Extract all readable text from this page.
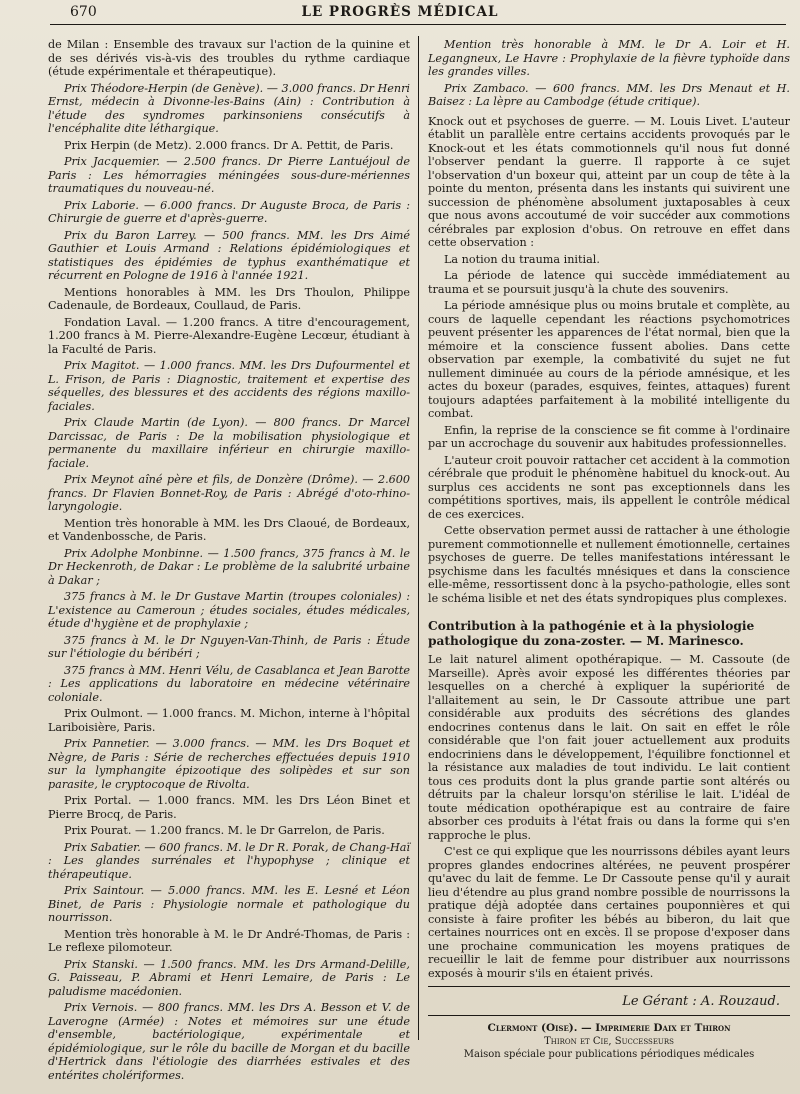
670	LE PROGRÈS MÉDICAL

de Milan : Ensemble des travaux sur l'action de la quinine et de ses dérivés vis-à-vis des troubles du rythme cardiaque (étude expérimentale et thérapeutique).

Prix Théodore-Herpin (de Genève). — 3.000 francs. Dr Henri Ernst, médecin à Divonne-les-Bains (Ain) : Contribution à l'étude des syndromes parkinsoniens consécutifs à l'encéphalite dite léthargique.

Prix Herpin (de Metz). 2.000 francs. Dr A. Pettit, de Paris.

Prix Jacquemier. — 2.500 francs. Dr Pierre Lantuéjoul de Paris : Les hémorragies méningées sous-dure-mériennes traumatiques du nouveau-né.

Prix Laborie. — 6.000 francs. Dr Auguste Broca, de Paris : Chirurgie de guerre et d'après-guerre.

Prix du Baron Larrey. — 500 francs. MM. les Drs Aimé Gauthier et Louis Armand : Relations épidémiologiques et statistiques des épidémies de typhus exanthématique et récurrent en Pologne de 1916 à l'année 1921.

Mentions honorables à MM. les Drs Thoulon, Philippe Cadenaule, de Bordeaux, Coullaud, de Paris.

Fondation Laval. — 1.200 francs. A titre d'encouragement, 1.200 francs à M. Pierre-Alexandre-Eugène Lecœur, étudiant à la Faculté de Paris.

Prix Magitot. — 1.000 francs. MM. les Drs Dufourmentel et L. Frison, de Paris : Diagnostic, traitement et expertise des séquelles, des blessures et des accidents des régions maxillo-faciales.

Prix Claude Martin (de Lyon). — 800 francs. Dr Marcel Darcissac, de Paris : De la mobilisation physiologique et permanente du maxillaire inférieur en chirurgie maxillo-faciale.

Prix Meynot aîné père et fils, de Donzère (Drôme). — 2.600 francs. Dr Flavien Bonnet-Roy, de Paris : Abrégé d'oto-rhino-laryngologie.

Mention très honorable à MM. les Drs Claoué, de Bordeaux, et Vandenbossche, de Paris.

Prix Adolphe Monbinne. — 1.500 francs, 375 francs à M. le Dr Heckenroth, de Dakar : Le problème de la salubrité urbaine à Dakar ;

375 francs à M. le Dr Gustave Martin (troupes coloniales) : L'existence au Cameroun ; études sociales, études médicales, étude d'hygiène et de prophylaxie ;

375 francs à M. le Dr Nguyen-Van-Thinh, de Paris : Étude sur l'étiologie du béribéri ;

375 francs à MM. Henri Vélu, de Casablanca et Jean Barotte : Les applications du laboratoire en médecine vétérinaire coloniale.

Prix Oulmont. — 1.000 francs. M. Michon, interne à l'hôpital Lariboisière, Paris.

Prix Pannetier. — 3.000 francs. — MM. les Drs Boquet et Nègre, de Paris : Série de recherches effectuées depuis 1910 sur la lymphangite épizootique des solipèdes et sur son parasite, le cryptocoque de Rivolta.

Prix Portal. — 1.000 francs. MM. les Drs Léon Binet et Pierre Brocq, de Paris.

Prix Pourat. — 1.200 francs. M. le Dr Garrelon, de Paris.

Prix Sabatier. — 600 francs. M. le Dr R. Porak, de Chang-Haï : Les glandes surrénales et l'hypophyse ; clinique et thérapeutique.

Prix Saintour. — 5.000 francs. MM. les E. Lesné et Léon Binet, de Paris : Physiologie normale et pathologique du nourrisson.

Mention très honorable à M. le Dr André-Thomas, de Paris : Le reflexe pilomoteur.

Prix Stanski. — 1.500 francs. MM. les Drs Armand-Delille, G. Paisseau, P. Abrami et Henri Lemaire, de Paris : Le paludisme macédonien.

Prix Vernois. — 800 francs. MM. les Drs A. Besson et V. de Laverogne (Armée) : Notes et mémoires sur une étude d'ensemble, bactériologique, expérimentale et épidémiologique, sur le rôle du bacille de Morgan et du bacille d'Hertrick dans l'étiologie des diarrhées estivales et des entérites cholériformes.

Mention très honorable à MM. le Dr A. Loir et H. Legangneux, Le Havre : Prophylaxie de la fièvre typhoïde dans les grandes villes.

Prix Zambaco. — 600 francs. MM. les Drs Menaut et H. Baisez : La lèpre au Cambodge (étude critique).

Knock out et psychoses de guerre. — M. Louis Livet. L'auteur établit un parallèle entre certains accidents provoqués par le Knock-out et les états commotionnels qu'il nous fut donné l'observer pendant la guerre. Il rapporte à ce sujet l'observation d'un boxeur qui, atteint par un coup de tête à la pointe du menton, présenta dans les instants qui suivirent une succession de phénomène absolument juxtaposables à ceux que nous avons accoutumé de voir succéder aux commotions cérébrales par explosion d'obus. On retrouve en effet dans cette observation :

La notion du trauma initial.

La période de latence qui succède immédiatement au trauma et se poursuit jusqu'à la chute des souvenirs.

La période amnésique plus ou moins brutale et complète, au cours de laquelle cependant les réactions psychomotrices peuvent présenter les apparences de l'état normal, bien que la mémoire et la conscience fussent abolies. Dans cette observation par exemple, la combativité du sujet ne fut nullement diminuée au cours de la période amnésique, et les actes du boxeur (parades, esquives, feintes, attaques) furent toujours adaptées parfaitement à la mobilité intelligente du combat.

Enfin, la reprise de la conscience se fit comme à l'ordinaire par un accrochage du souvenir aux habitudes professionnelles.

L'auteur croit pouvoir rattacher cet accident à la commotion cérébrale que produit le phénomène habituel du knock-out. Au surplus ces accidents ne sont pas exceptionnels dans les compétitions sportives, mais, ils appellent le contrôle médical de ces exercices.

Cette observation permet aussi de rattacher à une éthologie purement commotionnelle et nullement émotionnelle, certaines psychoses de guerre. De telles manifestations intéressant le psychisme dans les facultés mnésiques et dans la conscience elle-même, ressortissent donc à la psycho-pathologie, elles sont le schéma lisible et net des états syndropiques plus complexes.

Contribution à la pathogénie et à la physiologie pathologique du zona-zoster. — M. Marinesco.

Le lait naturel aliment opothérapique. — M. Cassoute (de Marseille). Après avoir exposé les différentes théories par lesquelles on a cherché à expliquer la supériorité de l'allaitement au sein, le Dr Cassoute attribue une part considérable aux produits des sécrétions des glandes endocrines contenus dans le lait. On sait en effet le rôle considérable que l'on fait jouer actuellement aux produits endocriniens dans le développement, l'équilibre fonctionnel et la résistance aux maladies de tout individu. Le lait contient tous ces produits dont la plus grande partie sont altérés ou détruits par la chaleur lorsqu'on stérilise le lait. L'idéal de toute médication opothérapique est au contraire de faire absorber ces produits à l'état frais ou dans la forme qui s'en rapproche le plus.

C'est ce qui explique que les nourrissons débiles ayant leurs propres glandes endocrines altérées, ne peuvent prospérer qu'avec du lait de femme. Le Dr Cassoute pense qu'il y aurait lieu d'étendre au plus grand nombre possible de nourrissons la pratique déjà adoptée dans certaines pouponnières et qui consiste à faire profiter les bébés au biberon, du lait que certaines nourrices ont en excès. Il se propose d'exposer dans une prochaine communication les moyens pratiques de recueillir le lait de femme pour distribuer aux nourrissons exposés à mourir s'ils en étaient privés.

Le Gérant : A. Rouzaud.
Clermont (Oise). — Imprimerie Daix et Thiron
Thiron et Cie, Successeurs
Maison spéciale pour publications périodiques médicales
